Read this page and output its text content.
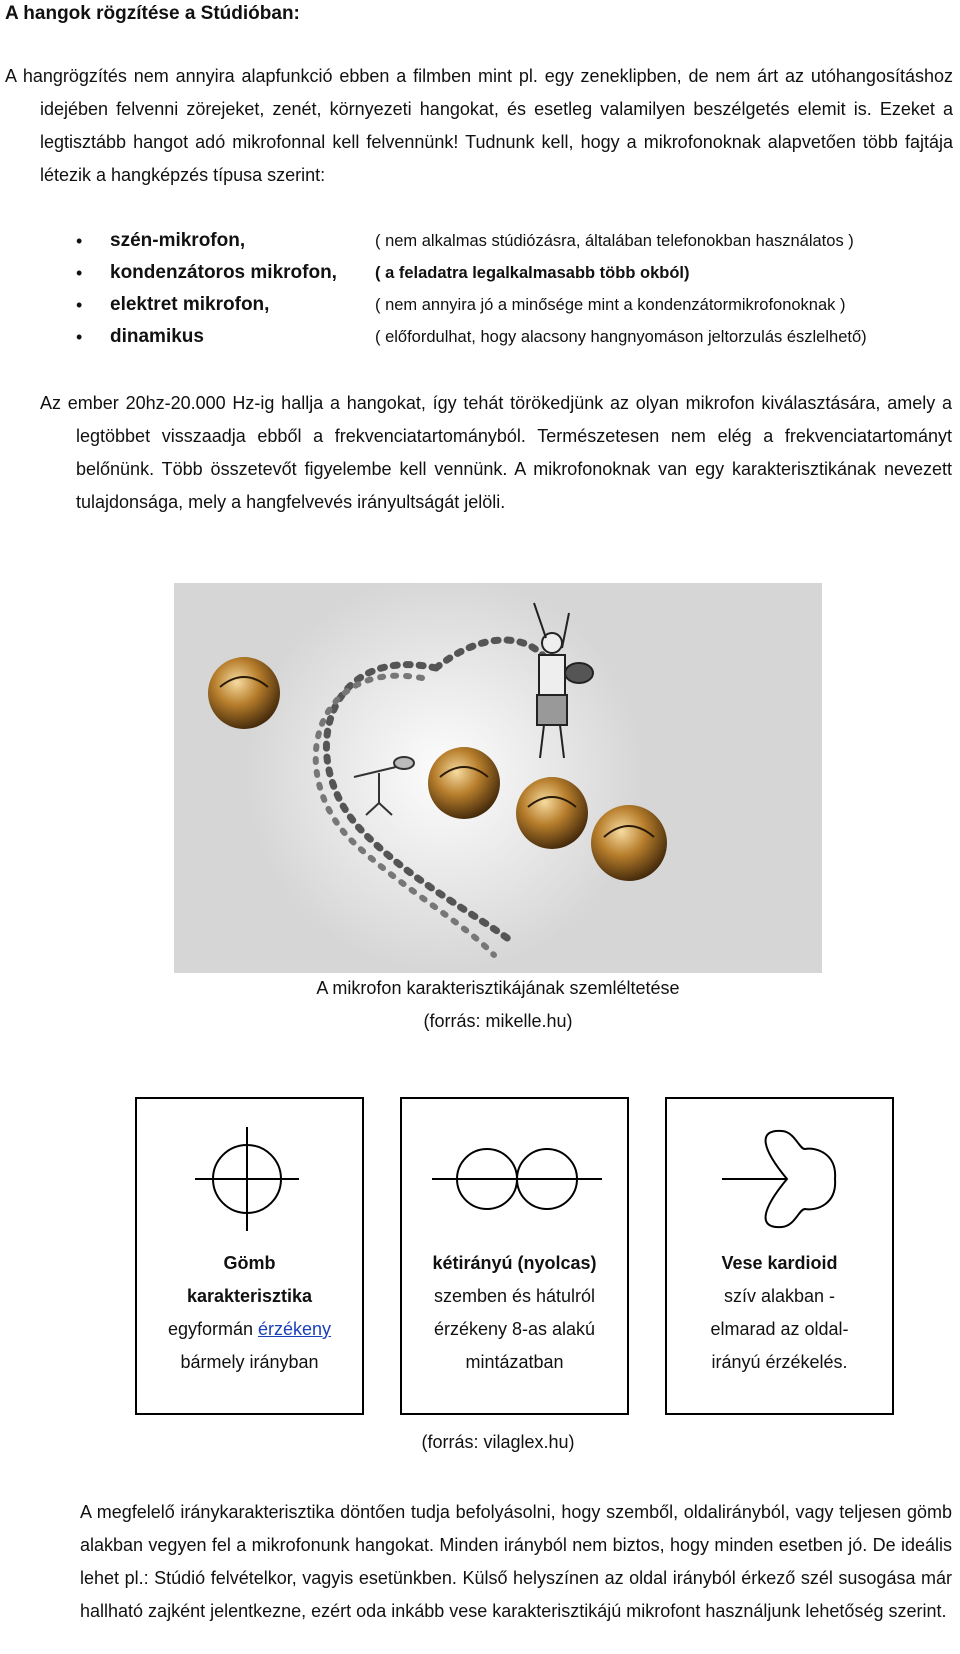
A hangok rögzítése a Stúdióban:
A hangrögzítés nem annyira alapfunkció ebben a filmben mint pl. egy zeneklipben, de nem árt az utóhangosításhoz idejében felvenni zörejeket, zenét, környezeti hangokat, és esetleg valamilyen beszélgetés elemit is. Ezeket a legtisztább hangot adó mikrofonnal kell felvennünk! Tudnunk kell, hogy a mikrofonoknak alapvetően több fajtája létezik a hangképzés típusa szerint:
•	szén-mikrofon,	( nem alkalmas stúdiózásra, általában telefonokban használatos )
•	kondenzátoros mikrofon,	( a feladatra legalkalmasabb több okból)
•	elektret mikrofon,	( nem annyira jó a minősége mint a kondenzátormikrofonoknak )
•	dinamikus	( előfordulhat, hogy alacsony hangnyomáson jeltorzulás észlelhető)
Az ember 20hz-20.000 Hz-ig hallja a hangokat, így tehát törökedjünk az olyan mikrofon kiválasztására, amely a legtöbbet visszaadja ebből a frekvenciatartományból. Természetesen nem elég a frekvenciatartományt belőnünk. Több összetevőt figyelembe kell vennünk. A mikrofonoknak van egy karakterisztikának nevezett tulajdonsága, mely a hangfelvevés irányultságát jelöli.
A mikrofon karakterisztikájának szemléltetése
(forrás: mikelle.hu)
Gömb
karakterisztika
egyformán érzékeny
bármely irányban
kétirányú (nyolcas)
szemben és hátulról
érzékeny 8-as alakú
mintázatban
Vese kardioid
szív alakban -
elmarad az oldal-
irányú érzékelés.
(forrás: vilaglex.hu)
A megfelelő iránykarakterisztika döntően tudja befolyásolni, hogy szemből, oldalirányból, vagy teljesen gömb alakban vegyen fel a mikrofonunk hangokat. Minden irányból nem biztos, hogy minden esetben jó. De ideális lehet pl.: Stúdió felvételkor, vagyis esetünkben. Külső helyszínen az oldal irányból érkező szél susogása már hallható zajként jelentkezne, ezért oda inkább vese karakterisztikájú mikrofont használjunk lehetőség szerint.
